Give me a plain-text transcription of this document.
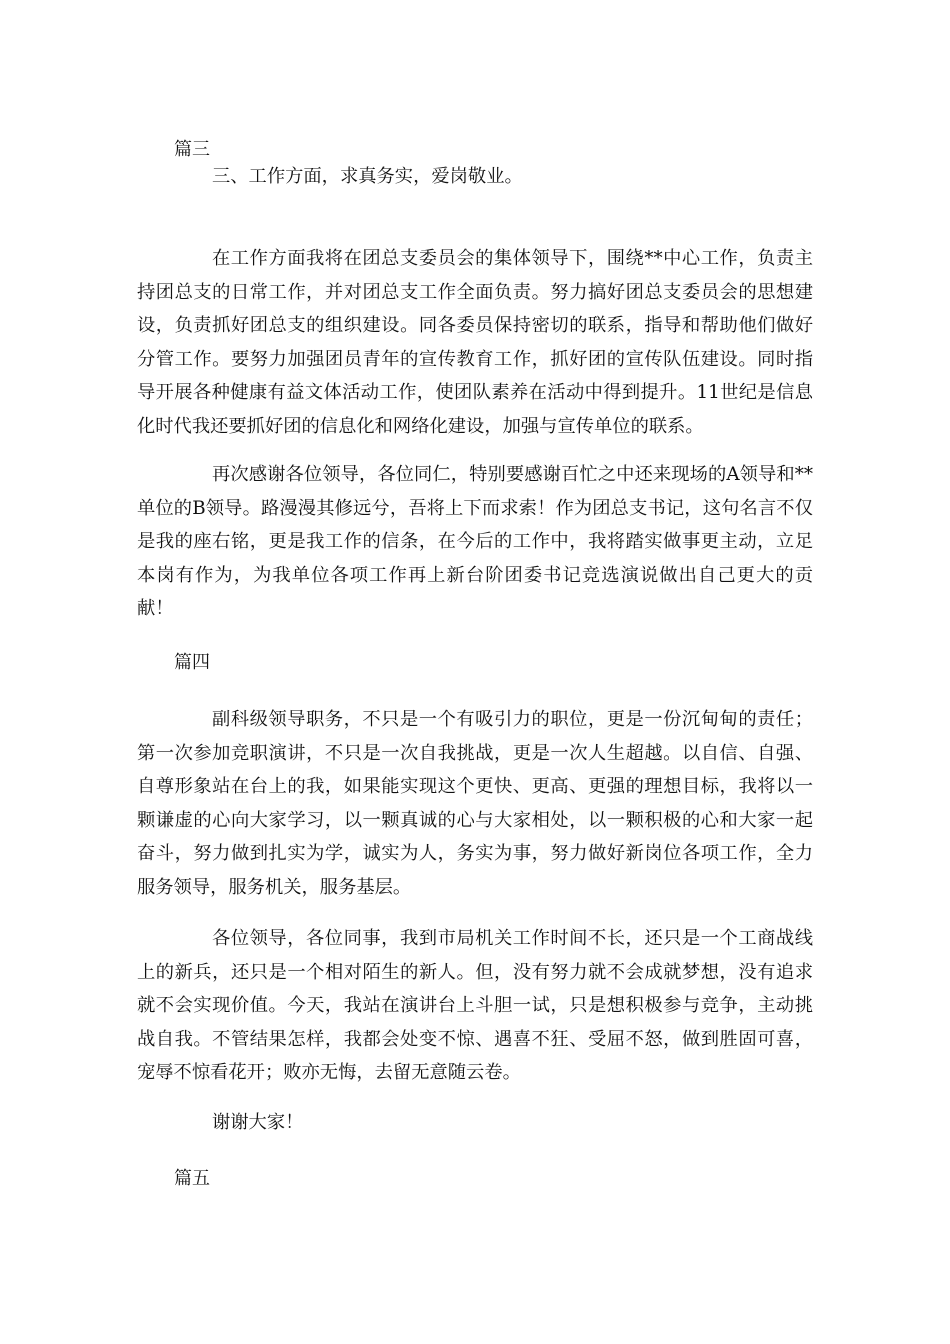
篇三

三、工作方面，求真务实，爱岗敬业。

在工作方面我将在团总支委员会的集体领导下，围绕**中心工作，负责主持团总支的日常工作，并对团总支工作全面负责。努力搞好团总支委员会的思想建设，负责抓好团总支的组织建设。同各委员保持密切的联系，指导和帮助他们做好分管工作。要努力加强团员青年的宣传教育工作，抓好团的宣传队伍建设。同时指导开展各种健康有益文体活动工作，使团队素养在活动中得到提升。11世纪是信息化时代我还要抓好团的信息化和网络化建设，加强与宣传单位的联系。

再次感谢各位领导，各位同仁，特别要感谢百忙之中还来现场的A领导和**单位的B领导。路漫漫其修远兮，吾将上下而求索！作为团总支书记，这句名言不仅是我的座右铭，更是我工作的信条，在今后的工作中，我将踏实做事更主动，立足本岗有作为，为我单位各项工作再上新台阶团委书记竞选演说做出自己更大的贡献！

篇四

副科级领导职务，不只是一个有吸引力的职位，更是一份沉甸甸的责任；第一次参加竞职演讲，不只是一次自我挑战，更是一次人生超越。以自信、自强、自尊形象站在台上的我，如果能实现这个更快、更高、更强的理想目标，我将以一颗谦虚的心向大家学习，以一颗真诚的心与大家相处，以一颗积极的心和大家一起奋斗，努力做到扎实为学，诚实为人，务实为事，努力做好新岗位各项工作，全力服务领导，服务机关，服务基层。

各位领导，各位同事，我到市局机关工作时间不长，还只是一个工商战线上的新兵，还只是一个相对陌生的新人。但，没有努力就不会成就梦想，没有追求就不会实现价值。今天，我站在演讲台上斗胆一试，只是想积极参与竞争，主动挑战自我。不管结果怎样，我都会处变不惊、遇喜不狂、受屈不怒，做到胜固可喜，宠辱不惊看花开；败亦无悔，去留无意随云卷。

谢谢大家！

篇五
